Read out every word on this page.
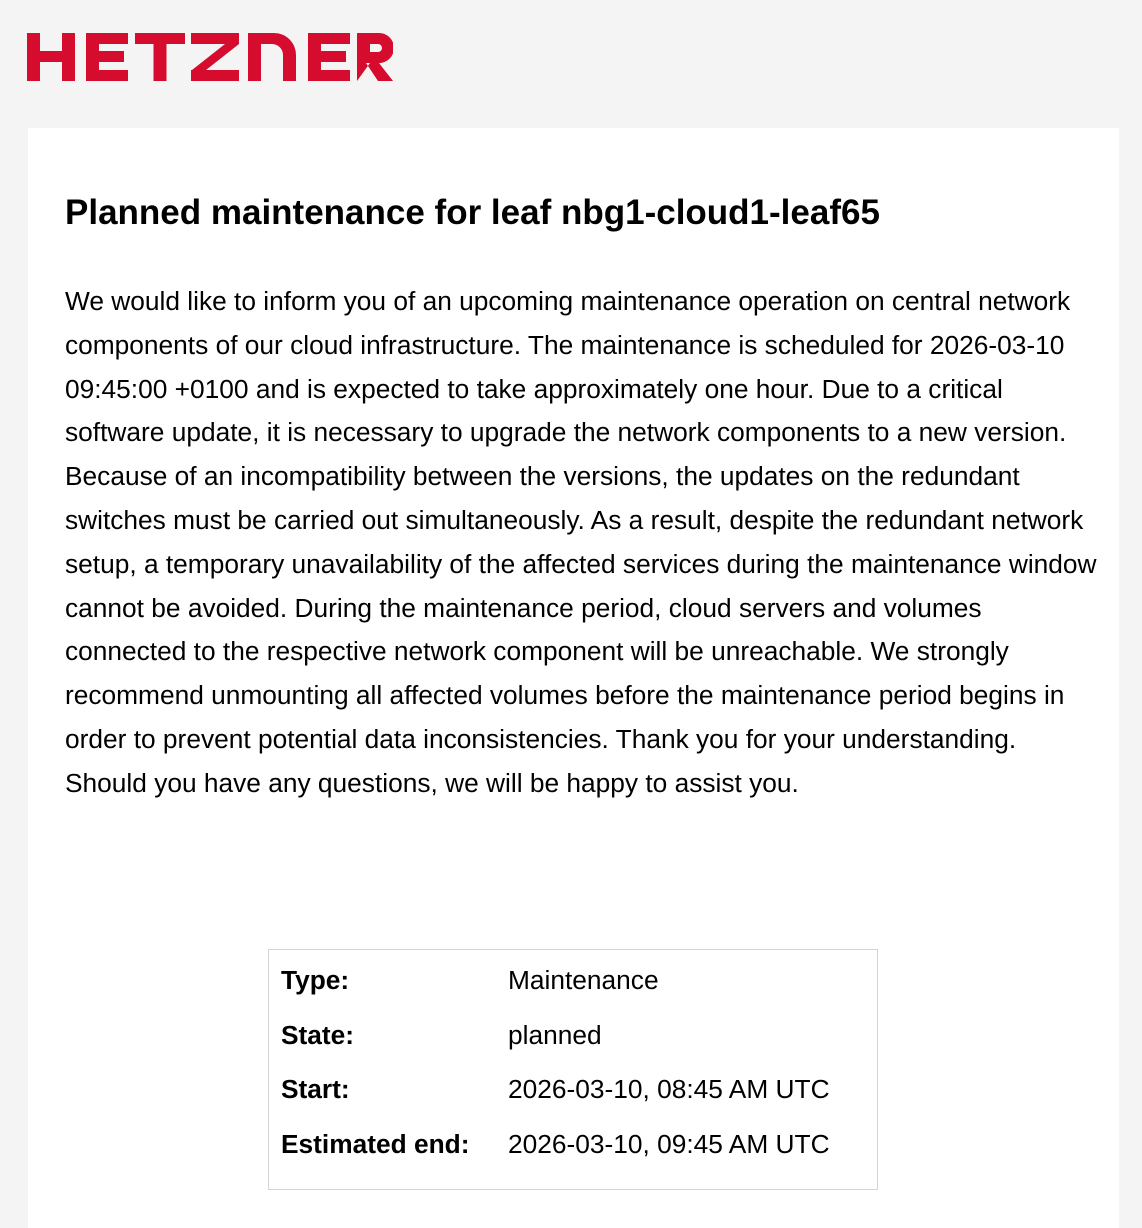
Planned maintenance for leaf nbg1-cloud1-leaf65

We would like to inform you of an upcoming maintenance operation on central network components of our cloud infrastructure. The maintenance is scheduled for 2026-03-10 09:45:00 +0100 and is expected to take approximately one hour. Due to a critical software update, it is necessary to upgrade the network components to a new version. Because of an incompatibility between the versions, the updates on the redundant switches must be carried out simultaneously. As a result, despite the redundant network setup, a temporary unavailability of the affected services during the maintenance window cannot be avoided. During the maintenance period, cloud servers and volumes connected to the respective network component will be unreachable. We strongly recommend unmounting all affected volumes before the maintenance period begins in order to prevent potential data inconsistencies. Thank you for your understanding. Should you have any questions, we will be happy to assist you.

Type:	Maintenance
State:	planned
Start:	2026-03-10, 08:45 AM UTC
Estimated end: 2026-03-10, 09:45 AM UTC
